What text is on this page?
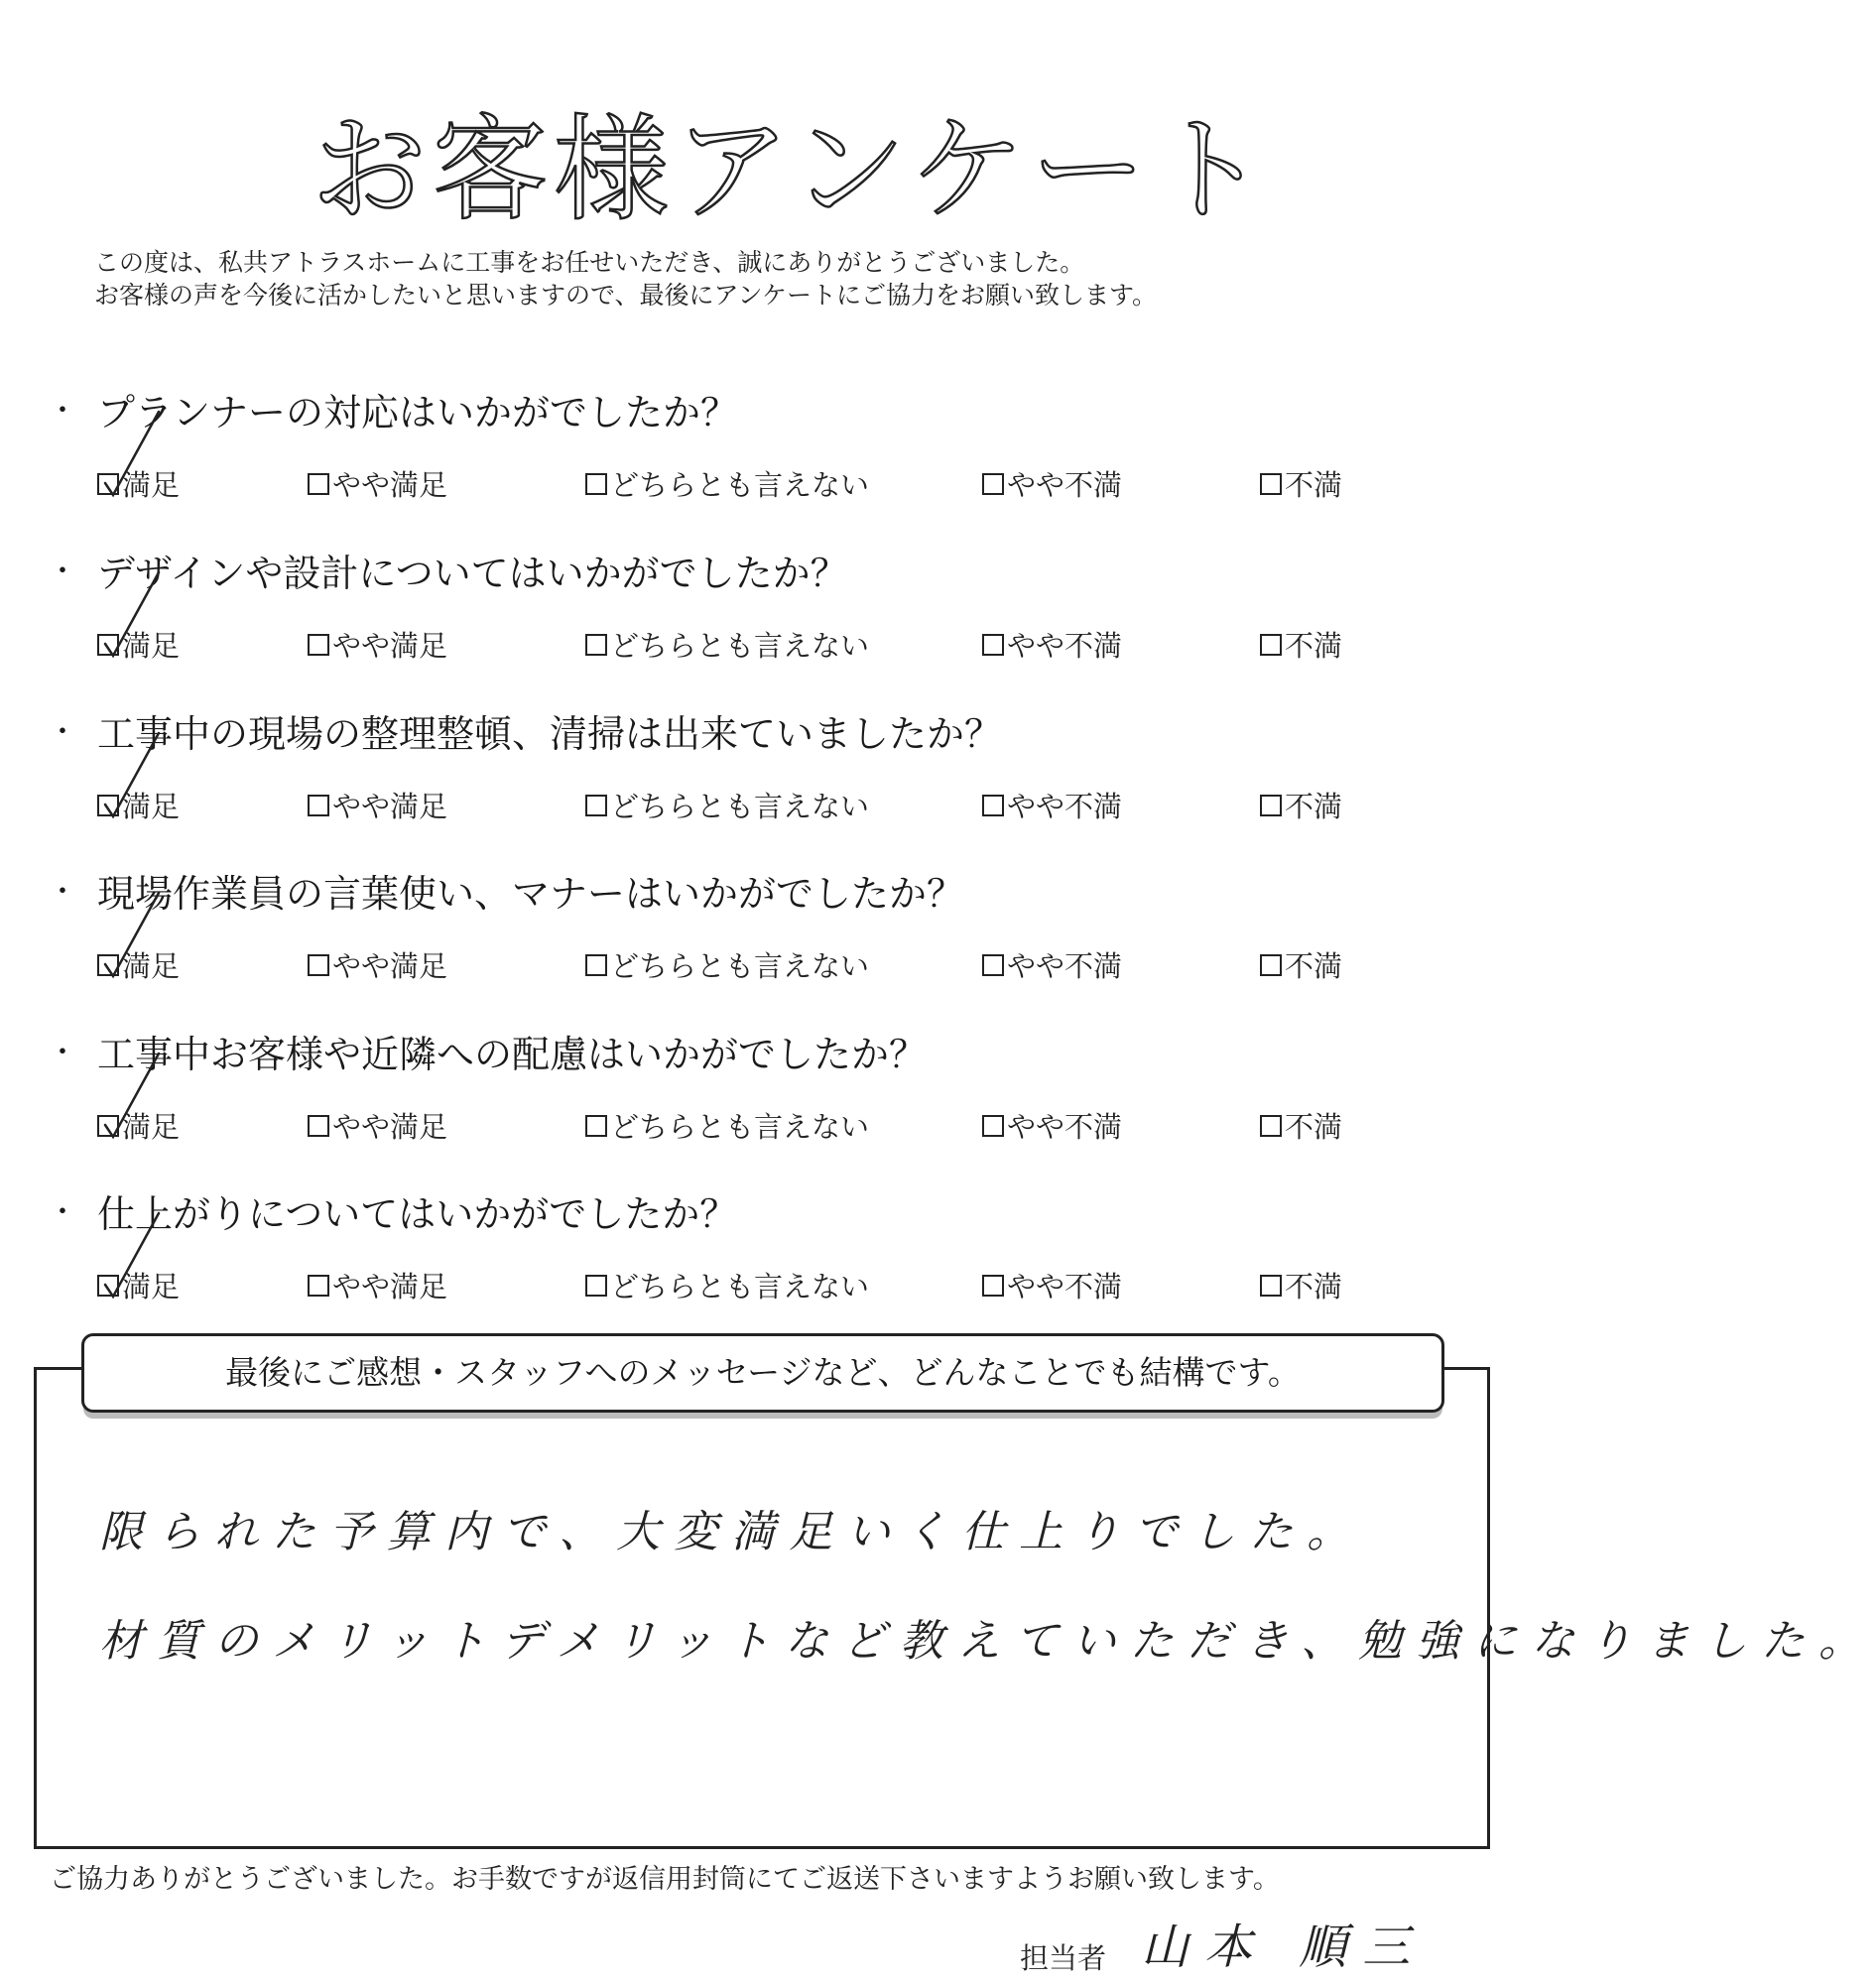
お客様アンケート
この度は、私共アトラスホームに工事をお任せいただき、誠にありがとうございました。
お客様の声を今後に活かしたいと思いますので、最後にアンケートにご協力をお願い致します。
・ プランナーの対応はいかがでしたか？
満足	やや満足	どちらとも言えない	やや不満	不満
・ デザインや設計についてはいかがでしたか？
満足	やや満足	どちらとも言えない	やや不満	不満
・ 工事中の現場の整理整頓、清掃は出来ていましたか？
満足	やや満足	どちらとも言えない	やや不満	不満
・ 現場作業員の言葉使い、マナーはいかがでしたか？
満足	やや満足	どちらとも言えない	やや不満	不満
・ 工事中お客様や近隣への配慮はいかがでしたか？
満足	やや満足	どちらとも言えない	やや不満	不満
・ 仕上がりについてはいかがでしたか？
満足	やや満足	どちらとも言えない	やや不満	不満
最後にご感想・スタッフへのメッセージなど、どんなことでも結構です。
限られた予算内で、大変満足いく仕上りでした。
材質のメリットデメリットなど教えていただき、勉強になりました。
ご協力ありがとうございました。お手数ですが返信用封筒にてご返送下さいますようお願い致します。
担当者 山本 順三
